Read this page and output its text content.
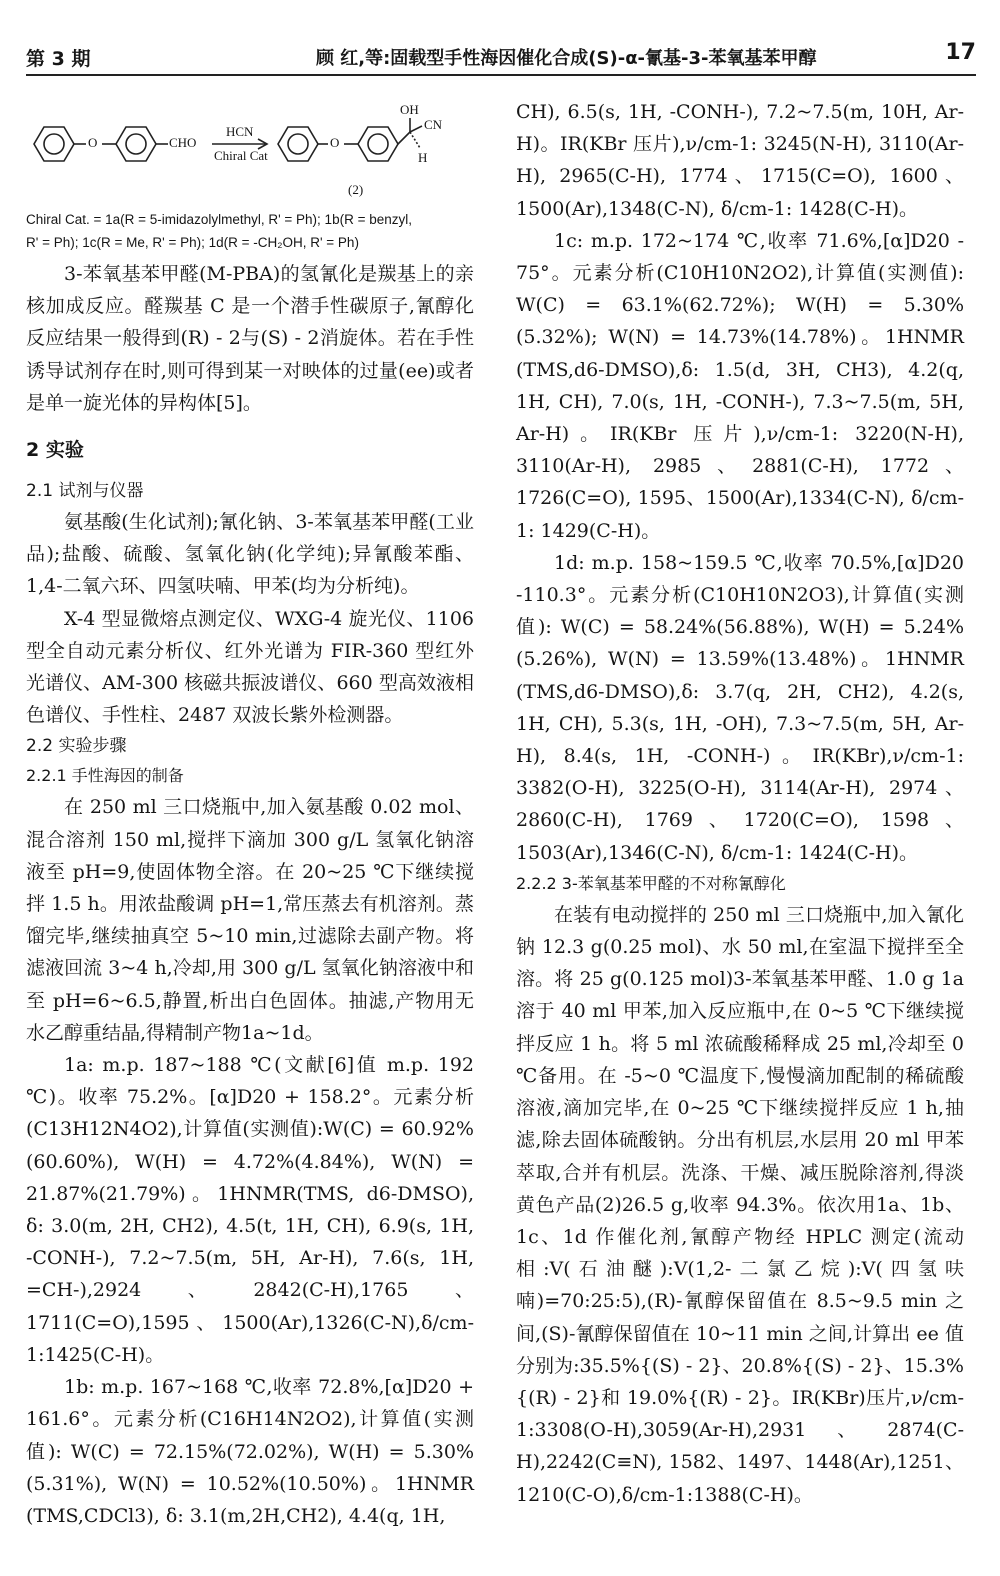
第 3 期	顾 红,等:固载型手性海因催化合成(S)-α-氰基-3-苯氧基苯甲醇	17
O	CHO
HCN
Chiral Cat
O
OH
CN
H
(2)

Chiral Cat. = 1a(R = 5-imidazolylmethyl, R' = Ph); 1b(R = benzyl,

R' = Ph); 1c(R = Me, R' = Ph); 1d(R = -CH₂OH, R' = Ph)

3-苯氧基苯甲醛(M-PBA)的氢氰化是羰基上的亲核加成反应。醛羰基 C 是一个潜手性碳原子,氰醇化反应结果一般得到(R) - 2与(S) - 2消旋体。若在手性诱导试剂存在时,则可得到某一对映体的过量(ee)或者是单一旋光体的异构体[5]。

2 实验
2.1 试剂与仪器

氨基酸(生化试剂);氰化钠、3-苯氧基苯甲醛(工业品);盐酸、硫酸、氢氧化钠(化学纯);异氰酸苯酯、1,4-二氧六环、四氢呋喃、甲苯(均为分析纯)。

X-4 型显微熔点测定仪、WXG-4 旋光仪、1106 型全自动元素分析仪、红外光谱为 FIR-360 型红外光谱仪、AM-300 核磁共振波谱仪、660 型高效液相色谱仪、手性柱、2487 双波长紫外检测器。

2.2 实验步骤
2.2.1 手性海因的制备

在 250 ml 三口烧瓶中,加入氨基酸 0.02 mol、混合溶剂 150 ml,搅拌下滴加 300 g/L 氢氧化钠溶液至 pH=9,使固体物全溶。在 20~25 ℃下继续搅拌 1.5 h。用浓盐酸调 pH=1,常压蒸去有机溶剂。蒸馏完毕,继续抽真空 5~10 min,过滤除去副产物。将滤液回流 3~4 h,冷却,用 300 g/L 氢氧化钠溶液中和至 pH=6~6.5,静置,析出白色固体。抽滤,产物用无水乙醇重结晶,得精制产物1a~1d。

1a: m.p. 187~188 ℃(文献[6]值 m.p. 192 ℃)。收率 75.2%。[α]D20 + 158.2°。元素分析(C13H12N4O2),计算值(实测值):W(C) = 60.92%(60.60%), W(H) = 4.72%(4.84%), W(N) = 21.87%(21.79%)。1HNMR(TMS, d6-DMSO), δ: 3.0(m, 2H, CH2), 4.5(t, 1H, CH), 6.9(s, 1H, -CONH-), 7.2~7.5(m, 5H, Ar-H), 7.6(s, 1H, =CH-),2924、2842(C-H),1765、1711(C=O),1595、1500(Ar),1326(C-N),δ/cm-1:1425(C-H)。

1b: m.p. 167~168 ℃,收率 72.8%,[α]D20 + 161.6°。元素分析(C16H14N2O2),计算值(实测值): W(C) = 72.15%(72.02%), W(H) = 5.30%(5.31%), W(N) = 10.52%(10.50%)。1HNMR (TMS,CDCl3), δ: 3.1(m,2H,CH2), 4.4(q, 1H,

CH), 6.5(s, 1H, -CONH-), 7.2~7.5(m, 10H, Ar-H)。IR(KBr 压片),ν/cm-1: 3245(N-H), 3110(Ar-H), 2965(C-H), 1774、1715(C=O), 1600、1500(Ar),1348(C-N), δ/cm-1: 1428(C-H)。

1c: m.p. 172~174 ℃,收率 71.6%,[α]D20 - 75°。元素分析(C10H10N2O2),计算值(实测值): W(C) = 63.1%(62.72%); W(H) = 5.30%(5.32%); W(N) = 14.73%(14.78%)。1HNMR (TMS,d6-DMSO),δ: 1.5(d, 3H, CH3), 4.2(q, 1H, CH), 7.0(s, 1H, -CONH-), 7.3~7.5(m, 5H, Ar-H)。IR(KBr 压片),ν/cm-1: 3220(N-H), 3110(Ar-H), 2985、2881(C-H), 1772、1726(C=O), 1595、1500(Ar),1334(C-N), δ/cm-1: 1429(C-H)。

1d: m.p. 158~159.5 ℃,收率 70.5%,[α]D20 -110.3°。元素分析(C10H10N2O3),计算值(实测值): W(C) = 58.24%(56.88%), W(H) = 5.24%(5.26%), W(N) = 13.59%(13.48%)。1HNMR (TMS,d6-DMSO),δ: 3.7(q, 2H, CH2), 4.2(s, 1H, CH), 5.3(s, 1H, -OH), 7.3~7.5(m, 5H, Ar-H), 8.4(s, 1H, -CONH-)。IR(KBr),ν/cm-1: 3382(O-H), 3225(O-H), 3114(Ar-H), 2974、2860(C-H), 1769、1720(C=O), 1598、1503(Ar),1346(C-N), δ/cm-1: 1424(C-H)。

2.2.2 3-苯氧基苯甲醛的不对称氰醇化

在装有电动搅拌的 250 ml 三口烧瓶中,加入氰化钠 12.3 g(0.25 mol)、水 50 ml,在室温下搅拌至全溶。将 25 g(0.125 mol)3-苯氧基苯甲醛、1.0 g 1a 溶于 40 ml 甲苯,加入反应瓶中,在 0~5 ℃下继续搅拌反应 1 h。将 5 ml 浓硫酸稀释成 25 ml,冷却至 0 ℃备用。在 -5~0 ℃温度下,慢慢滴加配制的稀硫酸溶液,滴加完毕,在 0~25 ℃下继续搅拌反应 1 h,抽滤,除去固体硫酸钠。分出有机层,水层用 20 ml 甲苯萃取,合并有机层。洗涤、干燥、减压脱除溶剂,得淡黄色产品(2)26.5 g,收率 94.3%。依次用1a、1b、1c、1d 作催化剂,氰醇产物经 HPLC 测定(流动相:V(石油醚):V(1,2-二氯乙烷):V(四氢呋喃)=70:25:5),(R)-氰醇保留值在 8.5~9.5 min 之间,(S)-氰醇保留值在 10~11 min 之间,计算出 ee 值分别为:35.5%{(S) - 2}、20.8%{(S) - 2}、15.3%{(R) - 2}和 19.0%{(R) - 2}。IR(KBr)压片,ν/cm-1:3308(O-H),3059(Ar-H),2931、2874(C-H),2242(C≡N), 1582、1497、1448(Ar),1251、1210(C-O),δ/cm-1:1388(C-H)。
